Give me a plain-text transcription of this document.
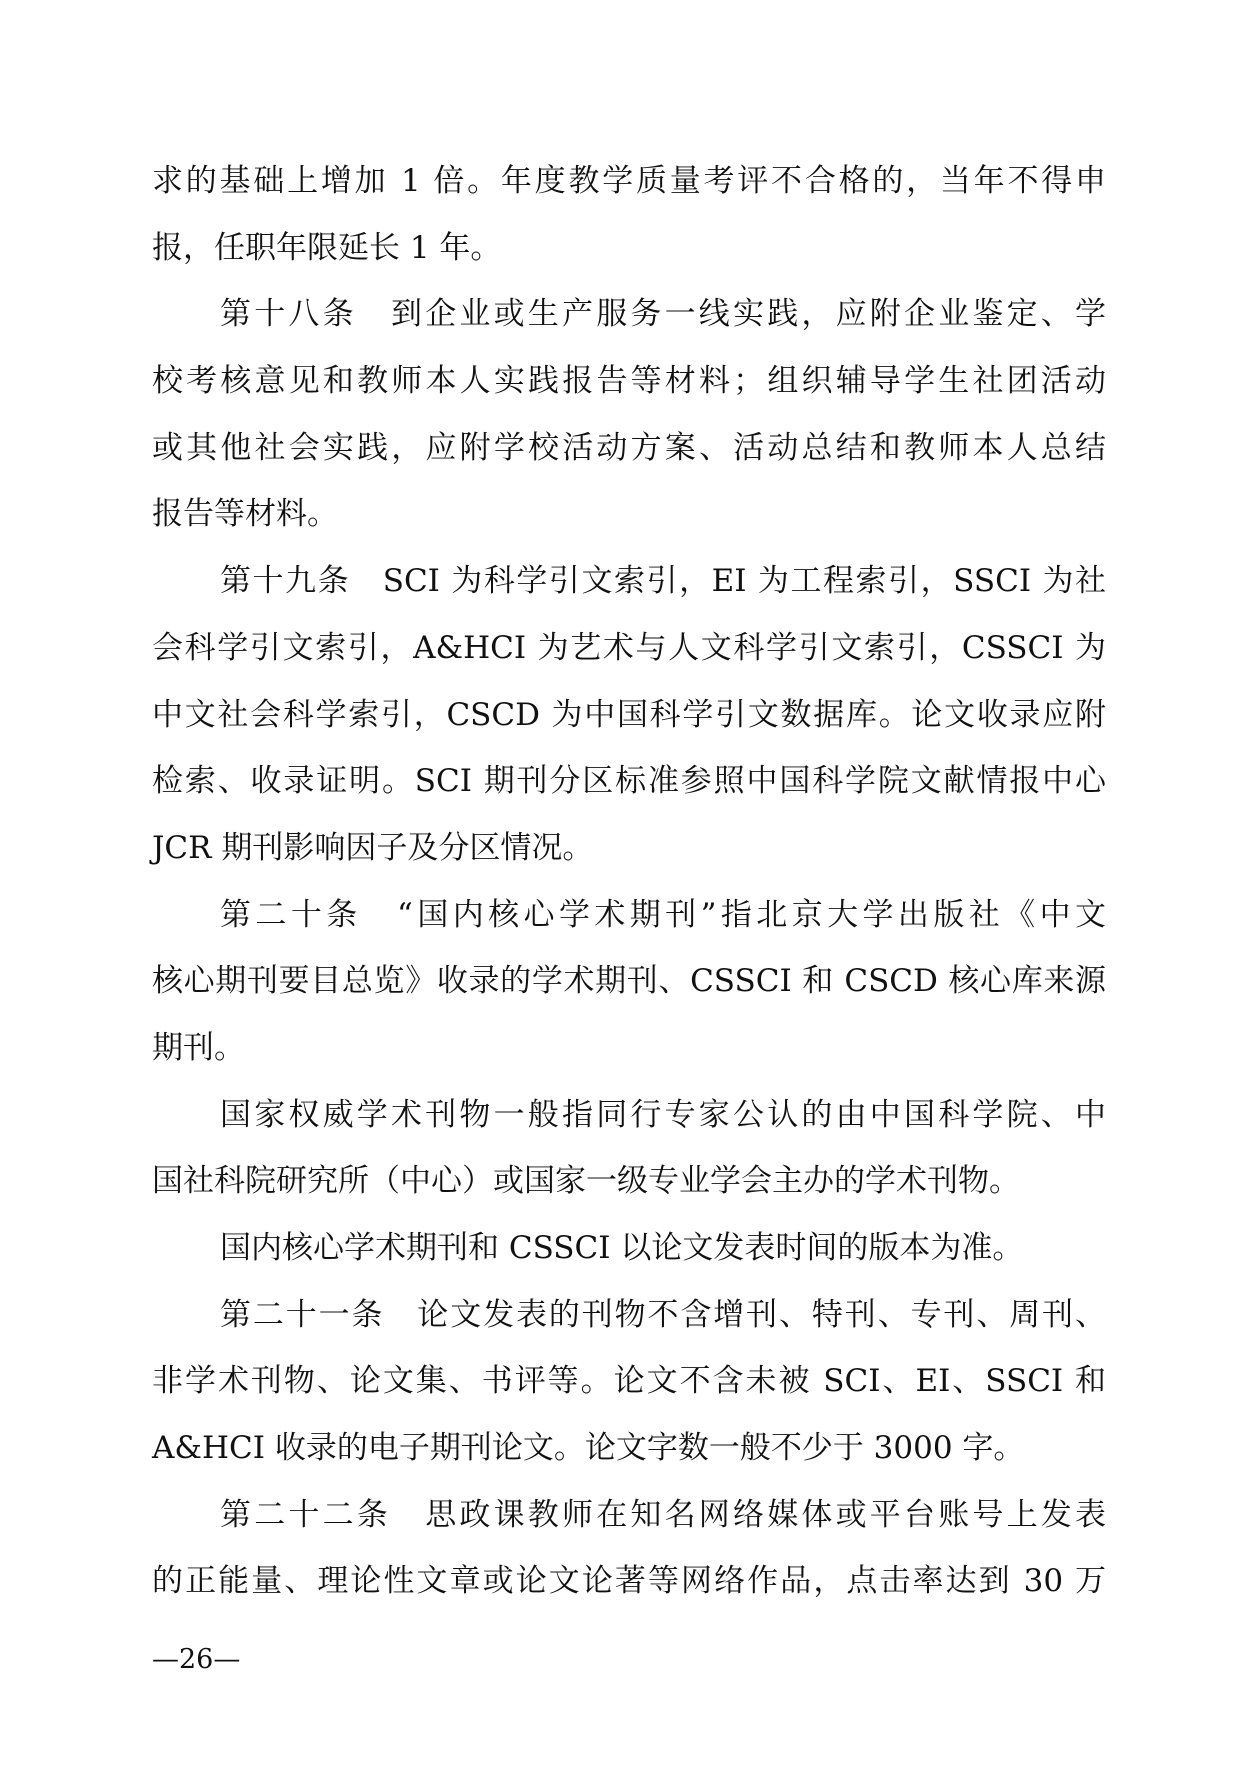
求的基础上增加 1 倍。年度教学质量考评不合格的，当年不得申
报，任职年限延长 1 年。
第十八条　到企业或生产服务一线实践，应附企业鉴定、学
校考核意见和教师本人实践报告等材料；组织辅导学生社团活动
或其他社会实践，应附学校活动方案、活动总结和教师本人总结
报告等材料。
第十九条　SCI 为科学引文索引，EI 为工程索引，SSCI 为社
会科学引文索引，A&HCI 为艺术与人文科学引文索引，CSSCI 为
中文社会科学索引，CSCD 为中国科学引文数据库。论文收录应附
检索、收录证明。SCI 期刊分区标准参照中国科学院文献情报中心
JCR 期刊影响因子及分区情况。
第二十条　“国内核心学术期刊”指北京大学出版社《中文
核心期刊要目总览》收录的学术期刊、CSSCI 和 CSCD 核心库来源
期刊。
国家权威学术刊物一般指同行专家公认的由中国科学院、中
国社科院研究所（中心）或国家一级专业学会主办的学术刊物。
国内核心学术期刊和 CSSCI 以论文发表时间的版本为准。
第二十一条　论文发表的刊物不含增刊、特刊、专刊、周刊、
非学术刊物、论文集、书评等。论文不含未被 SCI、EI、SSCI 和
A&HCI 收录的电子期刊论文。论文字数一般不少于 3000 字。
第二十二条　思政课教师在知名网络媒体或平台账号上发表
的正能量、理论性文章或论文论著等网络作品，点击率达到 30 万
—26—
